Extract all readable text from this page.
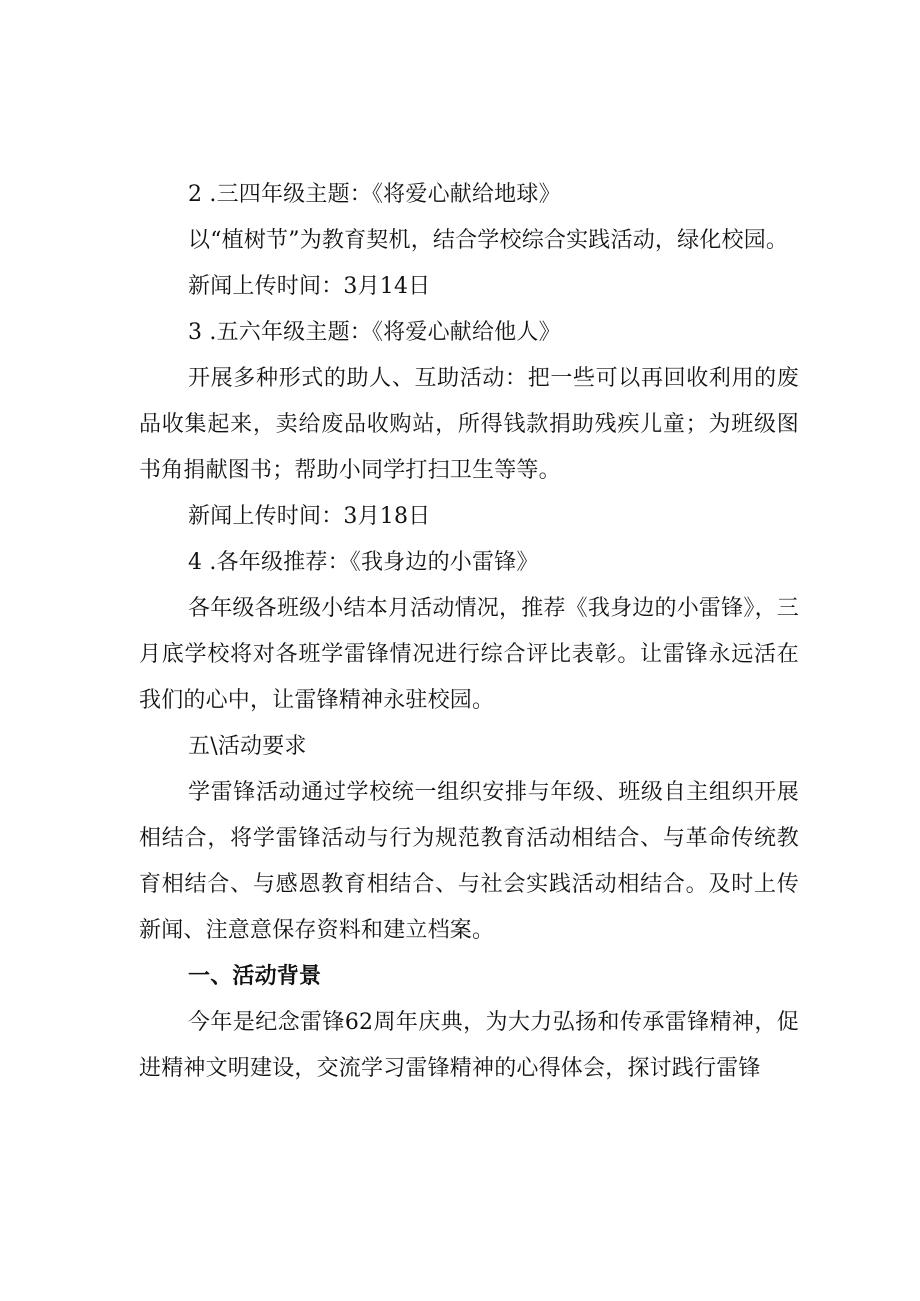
2 .三四年级主题：《将爱心献给地球》

以“植树节”为教育契机，结合学校综合实践活动，绿化校园。

新闻上传时间：3月14日

3 .五六年级主题：《将爱心献给他人》

开展多种形式的助人、互助活动：把一些可以再回收利用的废品收集起来，卖给废品收购站，所得钱款捐助残疾儿童；为班级图书角捐献图书；帮助小同学打扫卫生等等。

新闻上传时间：3月18日

4 .各年级推荐：《我身边的小雷锋》

各年级各班级小结本月活动情况，推荐《我身边的小雷锋》，三月底学校将对各班学雷锋情况进行综合评比表彰。让雷锋永远活在我们的心中，让雷锋精神永驻校园。

五\活动要求

学雷锋活动通过学校统一组织安排与年级、班级自主组织开展相结合，将学雷锋活动与行为规范教育活动相结合、与革命传统教育相结合、与感恩教育相结合、与社会实践活动相结合。及时上传新闻、注意意保存资料和建立档案。

一、活动背景

今年是纪念雷锋62周年庆典，为大力弘扬和传承雷锋精神，促进精神文明建设，交流学习雷锋精神的心得体会，探讨践行雷锋
